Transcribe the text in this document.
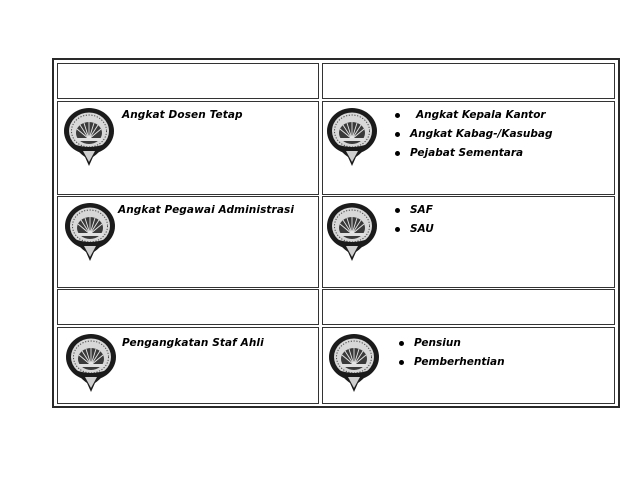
Angkat Dosen Tetap	Angkat Kepala Kantor
Angkat Kabag-/Kasubag
Pejabat Sementara
Angkat Pegawai Administrasi	SAF
SAU
Pengangkatan Staf Ahli	Pensiun
Pemberhentian
